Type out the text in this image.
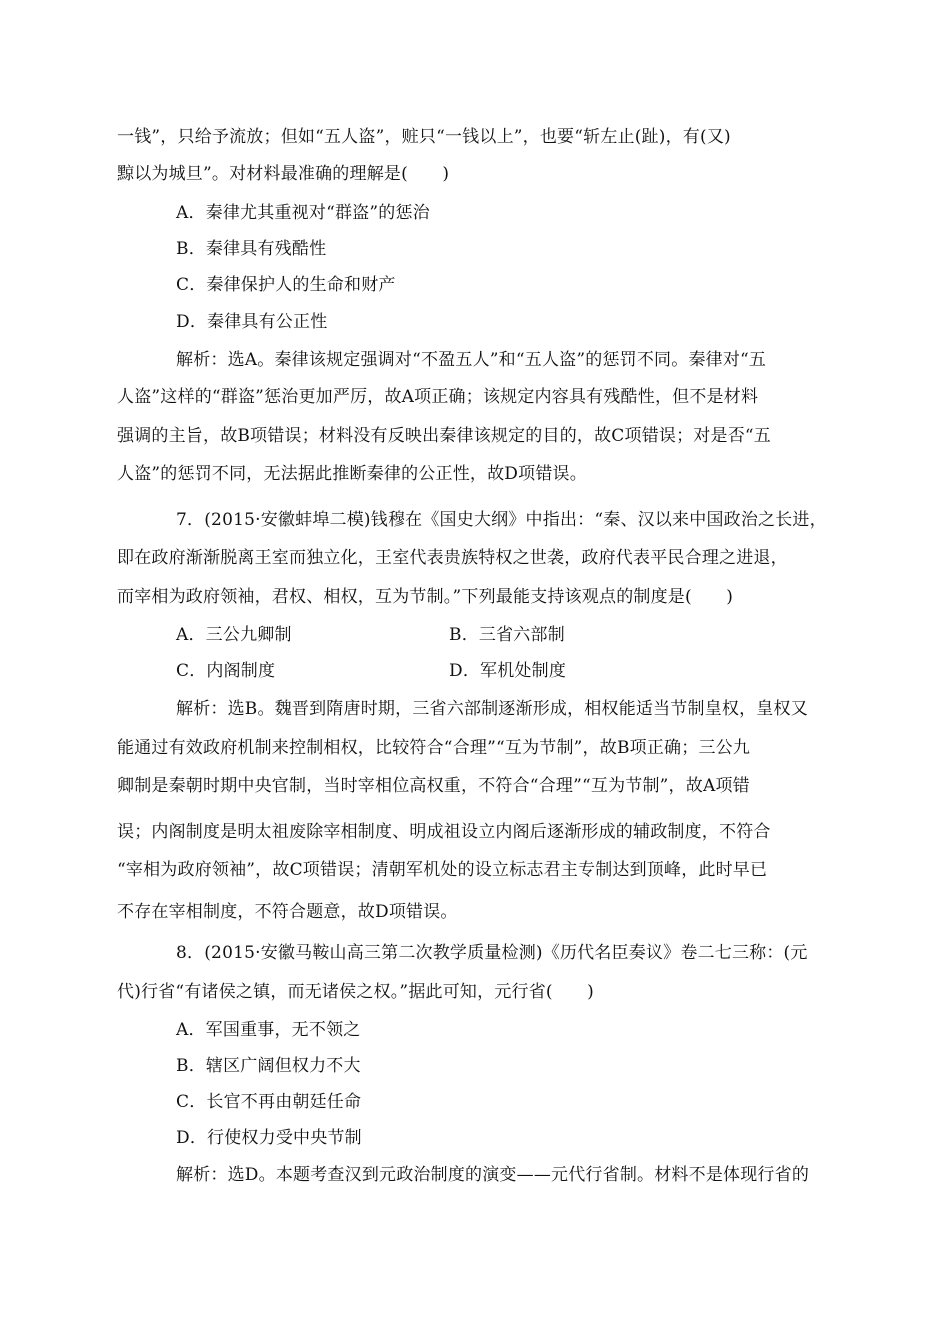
一钱”，只给予流放；但如“五人盗”，赃只“一钱以上”，也要“斩左止(趾)，有(又)
黥以为城旦”。对材料最准确的理解是(　　)
A．秦律尤其重视对“群盗”的惩治
B．秦律具有残酷性
C．秦律保护人的生命和财产
D．秦律具有公正性
解析：选A。秦律该规定强调对“不盈五人”和“五人盗”的惩罚不同。秦律对“五
人盗”这样的“群盗”惩治更加严厉，故A项正确；该规定内容具有残酷性，但不是材料
强调的主旨，故B项错误；材料没有反映出秦律该规定的目的，故C项错误；对是否“五
人盗”的惩罚不同，无法据此推断秦律的公正性，故D项错误。
7．(2015·安徽蚌埠二模)钱穆在《国史大纲》中指出：“秦、汉以来中国政治之长进，
即在政府渐渐脱离王室而独立化，王室代表贵族特权之世袭，政府代表平民合理之进退，
而宰相为政府领袖，君权、相权，互为节制。”下列最能支持该观点的制度是(　　)
A．三公九卿制	B．三省六部制
C．内阁制度	D．军机处制度
解析：选B。魏晋到隋唐时期，三省六部制逐渐形成，相权能适当节制皇权，皇权又
能通过有效政府机制来控制相权，比较符合“合理”“互为节制”，故B项正确；三公九
卿制是秦朝时期中央官制，当时宰相位高权重，不符合“合理”“互为节制”，故A项错
误；内阁制度是明太祖废除宰相制度、明成祖设立内阁后逐渐形成的辅政制度，不符合
“宰相为政府领袖”，故C项错误；清朝军机处的设立标志君主专制达到顶峰，此时早已
不存在宰相制度，不符合题意，故D项错误。
8．(2015·安徽马鞍山高三第二次教学质量检测)《历代名臣奏议》卷二七三称：(元
代)行省“有诸侯之镇，而无诸侯之权。”据此可知，元行省(　　)
A．军国重事，无不领之
B．辖区广阔但权力不大
C．长官不再由朝廷任命
D．行使权力受中央节制
解析：选D。本题考查汉到元政治制度的演变——元代行省制。材料不是体现行省的
